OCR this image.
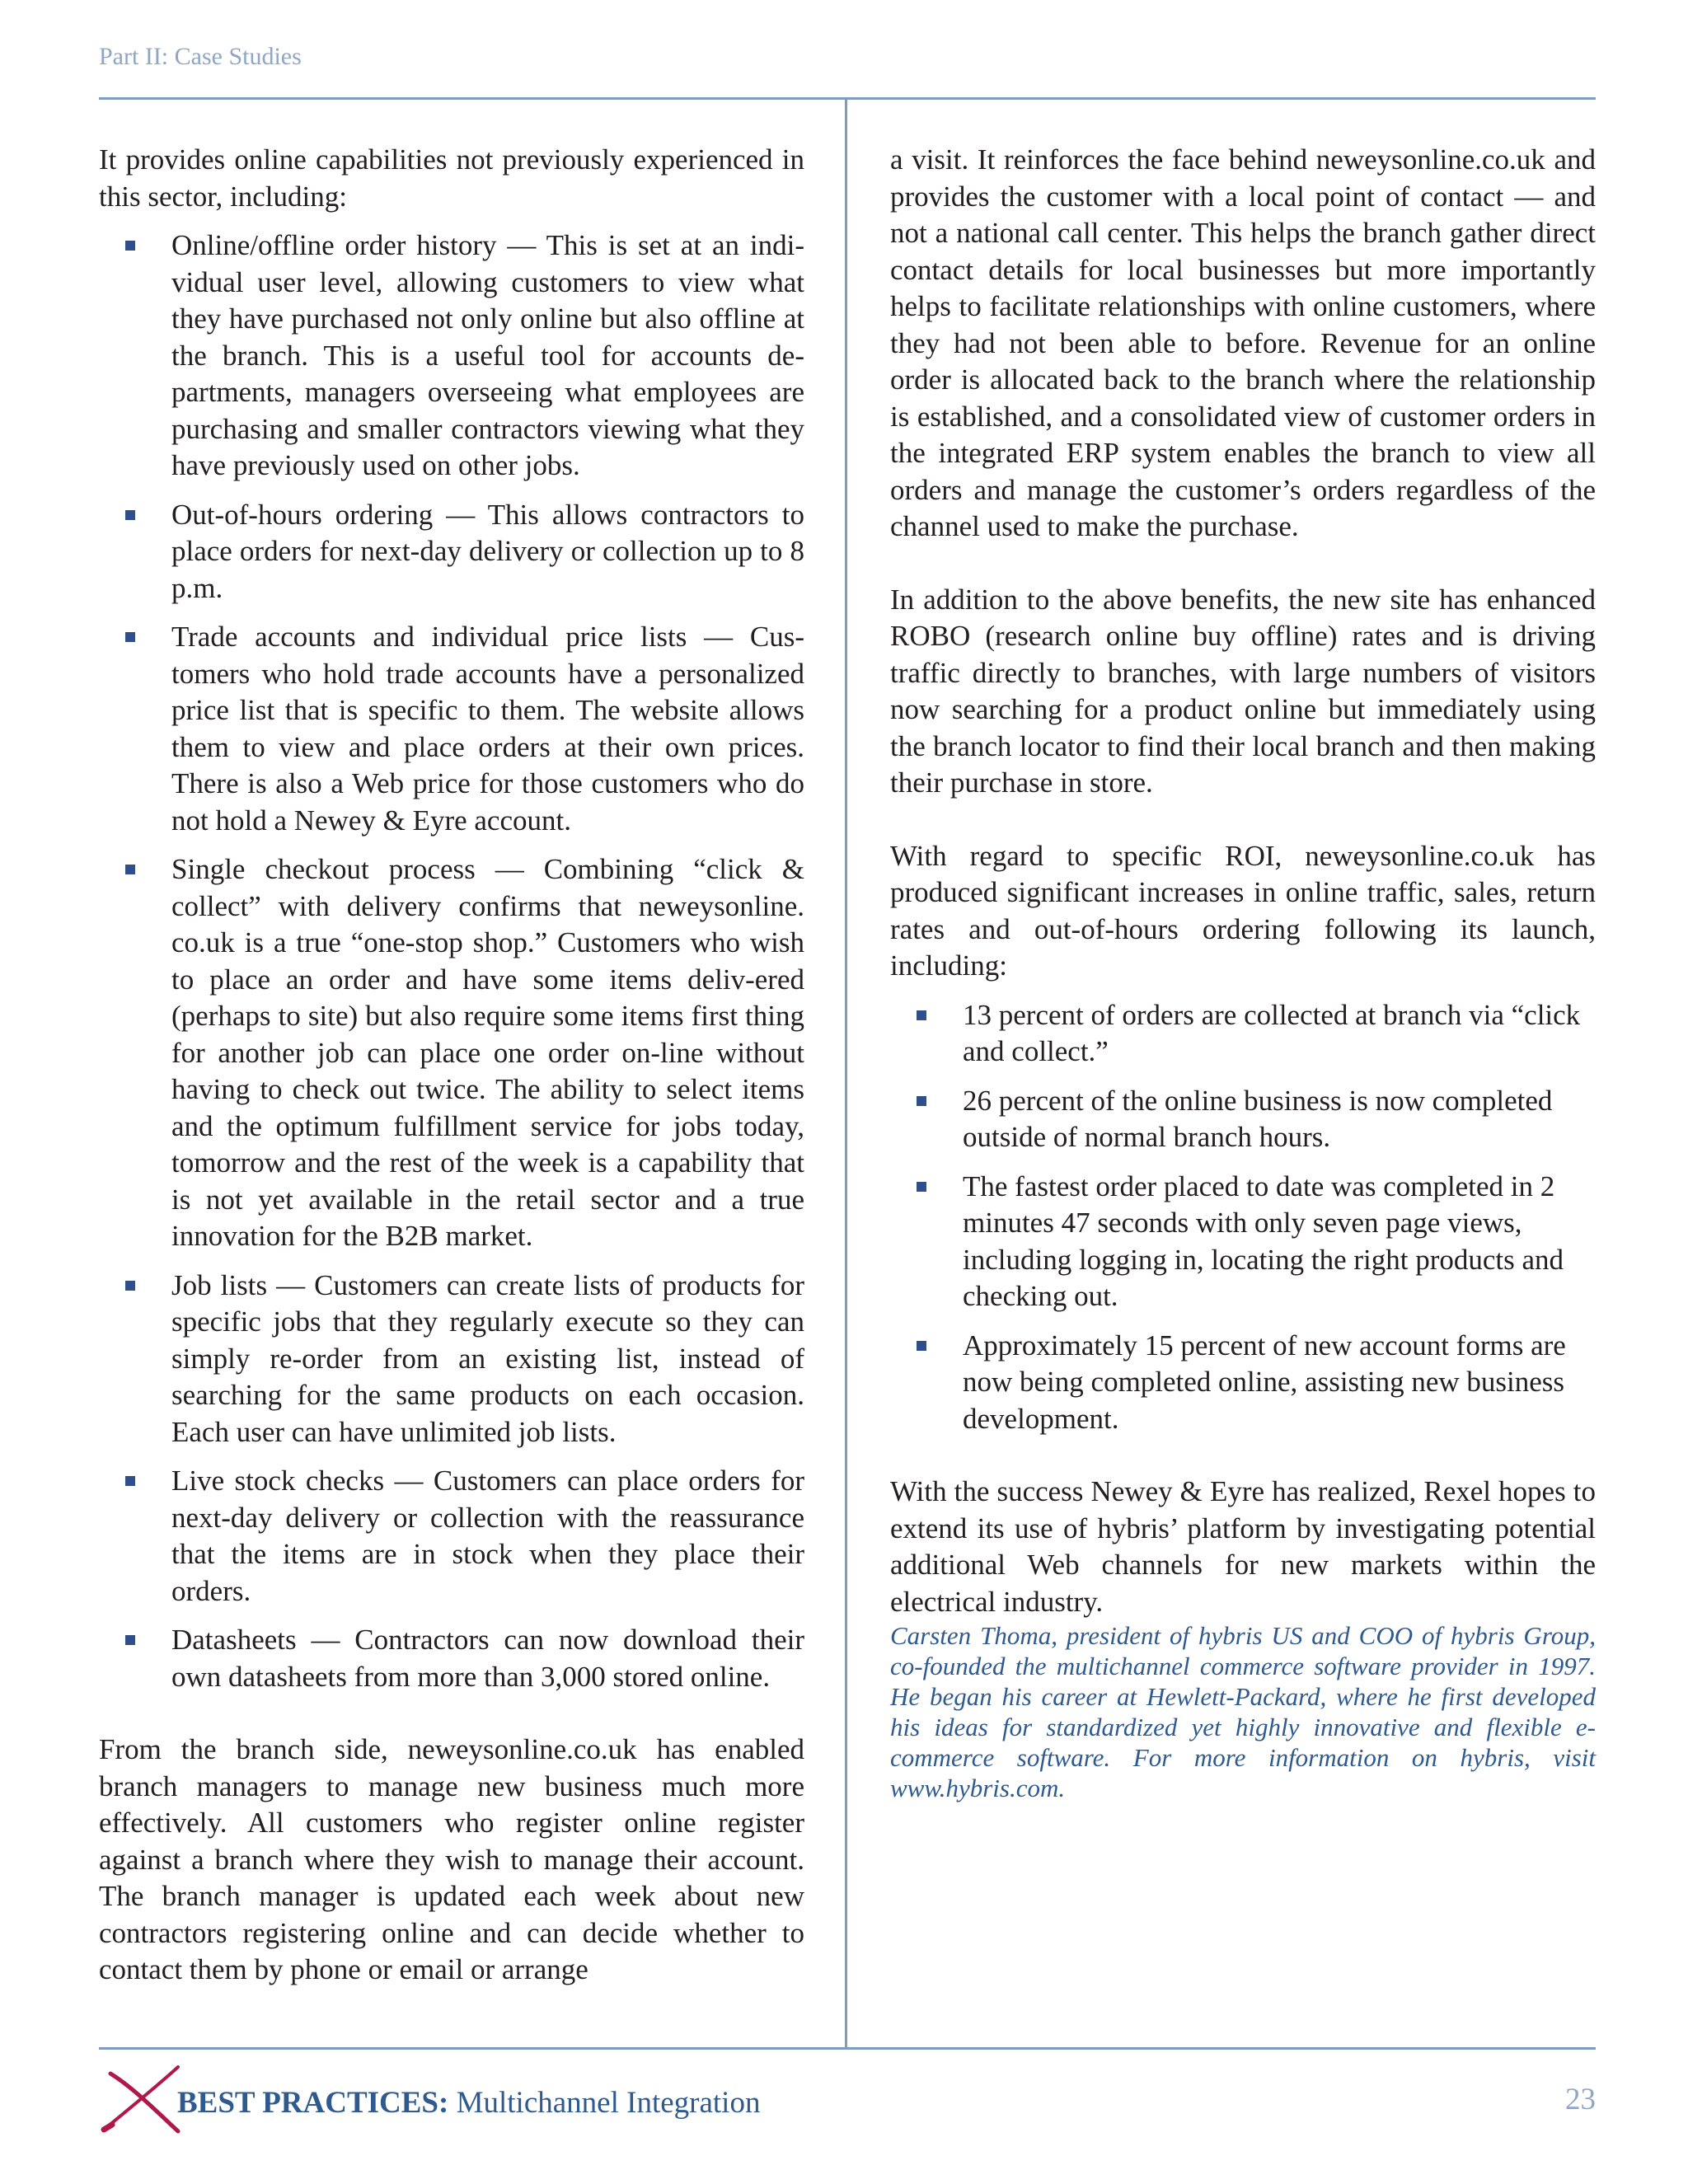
Part II: Case Studies

It provides online capabilities not previously experienced in this sector, including:

Online/offline order history — This is set at an indi-vidual user level, allowing customers to view what they have purchased not only online but also offline at the branch. This is a useful tool for accounts de-partments, managers overseeing what employees are purchasing and smaller contractors viewing what they have previously used on other jobs.
Out-of-hours ordering — This allows contractors to place orders for next-day delivery or collection up to 8 p.m.
Trade accounts and individual price lists — Cus-tomers who hold trade accounts have a personalized price list that is specific to them. The website allows them to view and place orders at their own prices. There is also a Web price for those customers who do not hold a Newey & Eyre account.
Single checkout process — Combining “click & collect” with delivery confirms that neweysonline. co.uk is a true “one-stop shop.” Customers who wish to place an order and have some items deliv-ered (perhaps to site) but also require some items first thing for another job can place one order on-line without having to check out twice. The ability to select items and the optimum fulfillment service for jobs today, tomorrow and the rest of the week is a capability that is not yet available in the retail sector and a true innovation for the B2B market.
Job lists — Customers can create lists of products for specific jobs that they regularly execute so they can simply re-order from an existing list, instead of searching for the same products on each occasion. Each user can have unlimited job lists.
Live stock checks — Customers can place orders for next-day delivery or collection with the reassurance that the items are in stock when they place their orders.
Datasheets — Contractors can now download their own datasheets from more than 3,000 stored online.

From the branch side, neweysonline.co.uk has enabled branch managers to manage new business much more effectively. All customers who register online register against a branch where they wish to manage their account. The branch manager is updated each week about new contractors registering online and can decide whether to contact them by phone or email or arrange

a visit. It reinforces the face behind neweysonline.co.uk and provides the customer with a local point of contact — and not a national call center. This helps the branch gather direct contact details for local businesses but more importantly helps to facilitate relationships with online customers, where they had not been able to before. Revenue for an online order is allocated back to the branch where the relationship is established, and a consolidated view of customer orders in the integrated ERP system enables the branch to view all orders and manage the customer’s orders regardless of the channel used to make the purchase.

In addition to the above benefits, the new site has enhanced ROBO (research online buy offline) rates and is driving traffic directly to branches, with large numbers of visitors now searching for a product online but immediately using the branch locator to find their local branch and then making their purchase in store.

With regard to specific ROI, neweysonline.co.uk has produced significant increases in online traffic, sales, return rates and out-of-hours ordering following its launch, including:

13 percent of orders are collected at branch via “click and collect.”
26 percent of the online business is now completed outside of normal branch hours.
The fastest order placed to date was completed in 2 minutes 47 seconds with only seven page views, including logging in, locating the right products and checking out.
Approximately 15 percent of new account forms are now being completed online, assisting new business development.

With the success Newey & Eyre has realized, Rexel hopes to extend its use of hybris’ platform by investigating potential additional Web channels for new markets within the electrical industry.

Carsten Thoma, president of hybris US and COO of hybris Group, co-founded the multichannel commerce software provider in 1997. He began his career at Hewlett-Packard, where he first developed his ideas for standardized yet highly innovative and flexible e-commerce software. For more information on hybris, visit www.hybris.com.

BEST PRACTICES: Multichannel Integration	23
